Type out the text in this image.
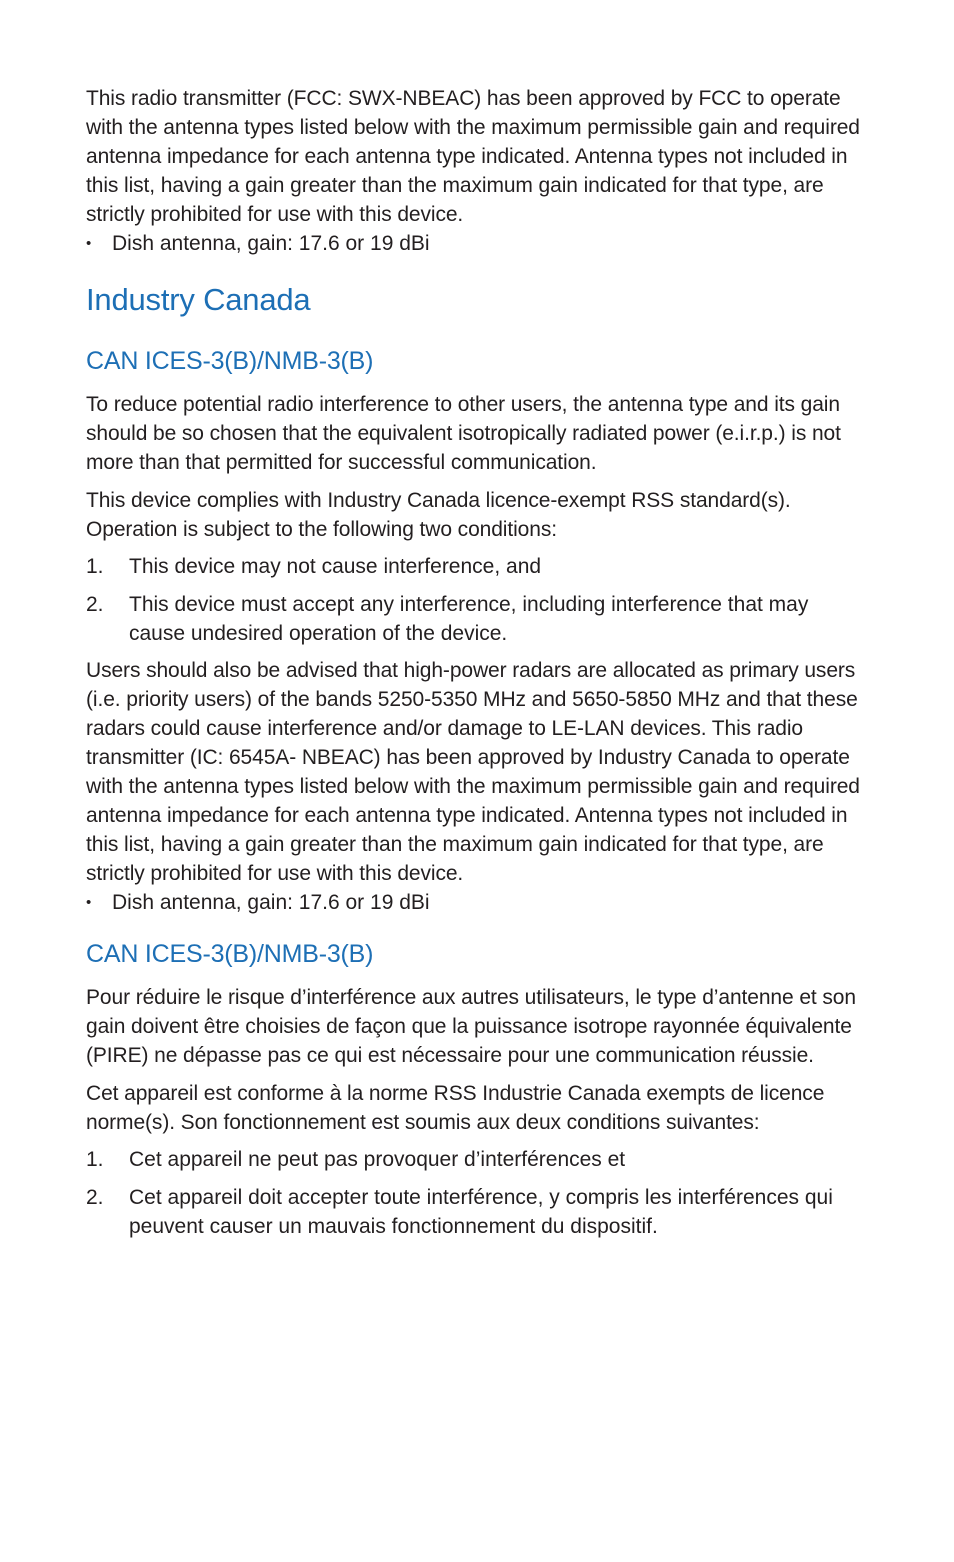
This radio transmitter (FCC: SWX-NBEAC) has been approved by FCC to operate with the antenna types listed below with the maximum permissible gain and required antenna impedance for each antenna type indicated. Antenna types not included in this list, having a gain greater than the maximum gain indicated for that type, are strictly prohibited for use with this device.

• Dish antenna, gain: 17.6 or 19 dBi
Industry Canada
CAN ICES-3(B)/NMB-3(B)

To reduce potential radio interference to other users, the antenna type and its gain should be so chosen that the equivalent isotropically radiated power (e.i.r.p.) is not more than that permitted for successful communication.

This device complies with Industry Canada licence-exempt RSS standard(s). Operation is subject to the following two conditions:

1. This device may not cause interference, and
2. This device must accept any interference, including interference that may cause undesired operation of the device.

Users should also be advised that high-power radars are allocated as primary users (i.e. priority users) of the bands 5250-5350 MHz and 5650-5850 MHz and that these radars could cause interference and/or damage to LE-LAN devices. This radio transmitter (IC: 6545A- NBEAC) has been approved by Industry Canada to operate with the antenna types listed below with the maximum permissible gain and required antenna impedance for each antenna type indicated. Antenna types not included in this list, having a gain greater than the maximum gain indicated for that type, are strictly prohibited for use with this device.

• Dish antenna, gain: 17.6 or 19 dBi
CAN ICES-3(B)/NMB-3(B)

Pour réduire le risque d’interférence aux autres utilisateurs, le type d’antenne et son gain doivent être choisies de façon que la puissance isotrope rayonnée équivalente (PIRE) ne dépasse pas ce qui est nécessaire pour une communication réussie.

Cet appareil est conforme à la norme RSS Industrie Canada exempts de licence norme(s). Son fonctionnement est soumis aux deux conditions suivantes:

1. Cet appareil ne peut pas provoquer d’interférences et
2. Cet appareil doit accepter toute interférence, y compris les interférences qui peuvent causer un mauvais fonctionnement du dispositif.
